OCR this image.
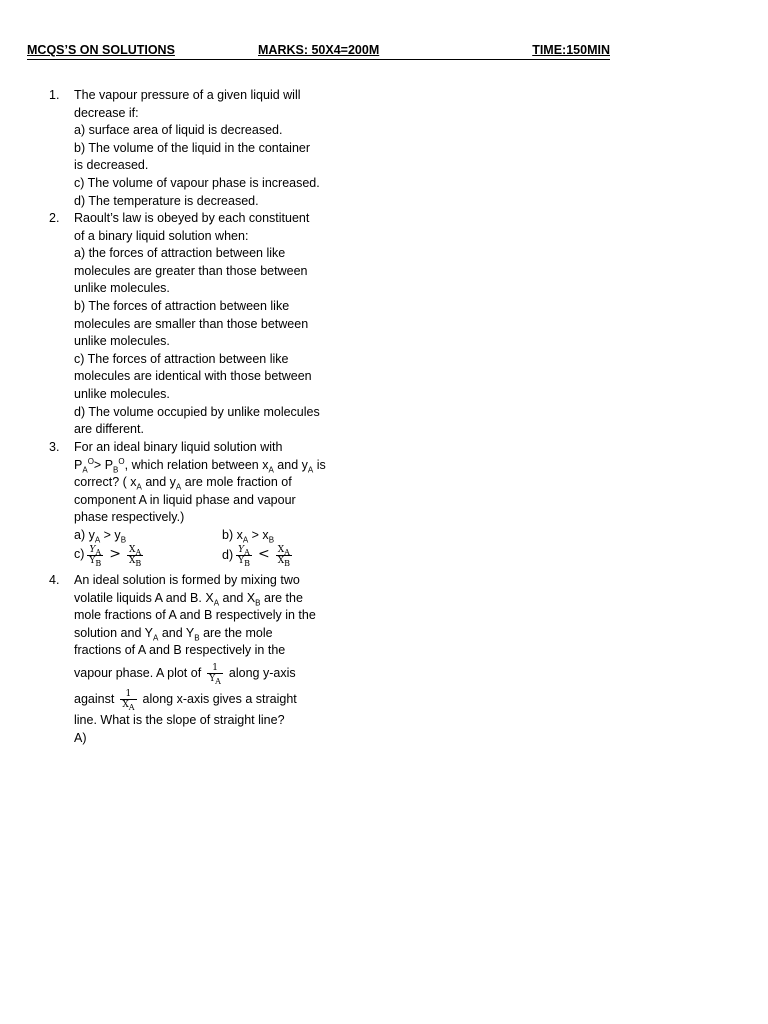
MCQS’S ON SOLUTIONS	MARKS: 50X4=200M	TIME:150MIN
1. The vapour pressure of a given liquid will
decrease if:
a) surface area of liquid is decreased.
b) The volume of the liquid in the container
is decreased.
c) The volume of vapour phase is increased.
d) The temperature is decreased.
2. Raoult’s law is obeyed by each constituent
of a binary liquid solution when:
a) the forces of attraction between like
molecules are greater than those between
unlike molecules.
b) The forces of attraction between like
molecules are smaller than those between
unlike molecules.
c) The forces of attraction between like
molecules are identical with those between
unlike molecules.
d) The volume occupied by unlike molecules
are different.
3. For an ideal binary liquid solution with
$P_A^O> P_B^O$, which relation between $x_A$ and $y_A$ is
correct? ( $x_A$ and $y_A$ are mole fraction of
component A in liquid phase and vapour
phase respectively.)
a) $y_A > y_B$	b) $x_A > x_B$
$c) \frac{Y_A}{Y_B} > \frac{X_A}{X_B}$	$d) \frac{Y_A}{Y_B} < \frac{X_A}{X_B}$
4. An ideal solution is formed by mixing two
volatile liquids A and B. $X_A$ and $X_B$ are the
mole fractions of A and B respectively in the
solution and $Y_A$ and $Y_B$ are the mole
fractions of A and B respectively in the
vapour phase. A plot of $\frac{1}{Y_A}$ along y-axis
against $\frac{1}{X_A}$ along x-axis gives a straight
line. What is the slope of straight line?
A)
